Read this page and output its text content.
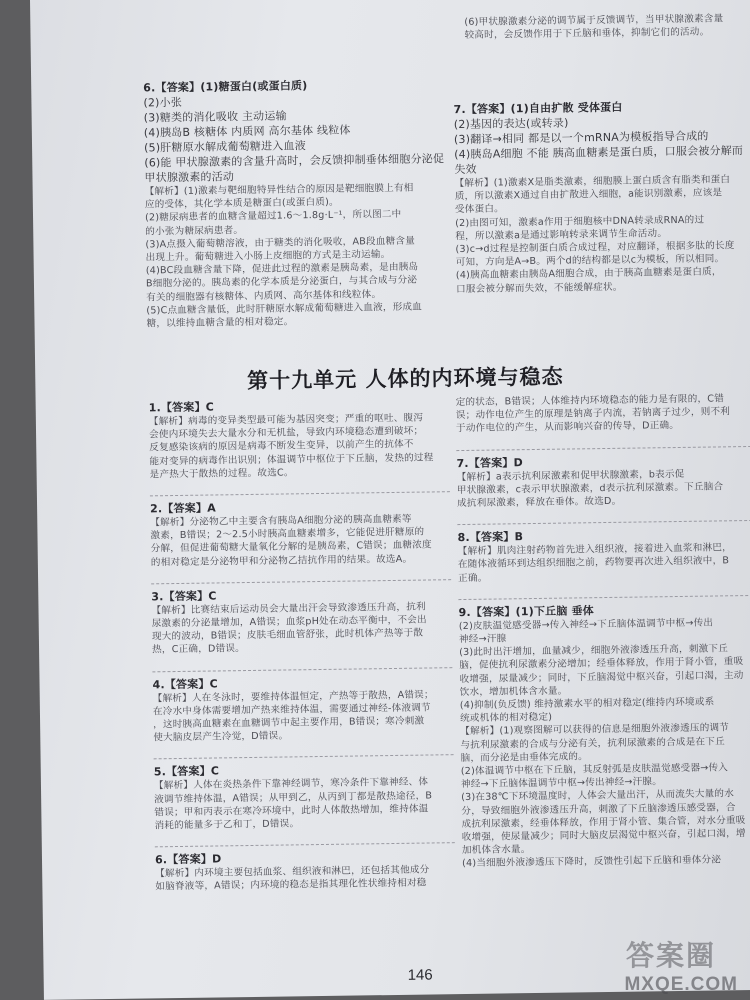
(6)甲状腺激素分泌的调节属于反馈调节，当甲状腺激素含量

较高时，会反馈作用于下丘脑和垂体，抑制它们的活动。

6.【答案】(1)糖蛋白(或蛋白质)

(2)小张

(3)糖类的消化吸收 主动运输

(4)胰岛B 核糖体 内质网 高尔基体 线粒体

(5)肝糖原水解成葡萄糖进入血液

(6)能 甲状腺激素的含量升高时，会反馈抑制垂体细胞分泌促

甲状腺激素的活动

【解析】(1)激素与靶细胞特异性结合的原因是靶细胞膜上有相

应的受体，其化学本质是糖蛋白(或蛋白质)。

(2)糖尿病患者的血糖含量超过1.6～1.8g·L⁻¹，所以图二中

的小张为糖尿病患者。

(3)A点摄入葡萄糖溶液，由于糖类的消化吸收，AB段血糖含量

出现上升。葡萄糖进入小肠上皮细胞的方式是主动运输。

(4)BC段血糖含量下降，促进此过程的激素是胰岛素，是由胰岛

B细胞分泌的。胰岛素的化学本质是分泌蛋白，与其合成与分泌

有关的细胞器有核糖体、内质网、高尔基体和线粒体。

(5)C点血糖含量低，此时肝糖原水解成葡萄糖进入血液，形成血

糖，以维持血糖含量的相对稳定。

7.【答案】(1)自由扩散 受体蛋白

(2)基因的表达(或转录)

(3)翻译→相同 都是以一个mRNA为模板指导合成的

(4)胰岛A细胞 不能 胰高血糖素是蛋白质，口服会被分解而

失效

【解析】(1)激素X是脂类激素，细胞膜上蛋白质含有脂类和蛋白

质，所以激素X通过自由扩散进入细胞，a能识别激素，应该是

受体蛋白。

(2)由图可知，激素a作用于细胞核中DNA转录成RNA的过

程，所以激素a是通过影响转录来调节生命活动。

(3)c→d过程是控制蛋白质合成过程，对应翻译，根据多肽的长度

可知，方向是A→B。两个d的结构都是以c为模板，所以相同。

(4)胰高血糖素由胰岛A细胞合成，由于胰高血糖素是蛋白质，

口服会被分解而失效，不能缓解症状。

第十九单元 人体的内环境与稳态

1.【答案】C

【解析】病毒的变异类型最可能为基因突变；严重的呕吐、腹泻

会使内环境失去大量水分和无机盐，导致内环境稳态遭到破坏；

反复感染该病的原因是病毒不断发生变异，以前产生的抗体不

能对变异的病毒作出识别；体温调节中枢位于下丘脑，发热的过程

是产热大于散热的过程。故选C。

2.【答案】A

【解析】分泌物乙中主要含有胰岛A细胞分泌的胰高血糖素等

激素，B错误；2～2.5小时胰高血糖素增多，它能促进肝糖原的

分解，但促进葡萄糖大量氧化分解的是胰岛素，C错误；血糖浓度

的相对稳定是分泌物甲和分泌物乙拮抗作用的结果。故选A。

3.【答案】C

【解析】比赛结束后运动员会大量出汗会导致渗透压升高，抗利

尿激素的分泌量增加，A错误；血浆pH处在动态平衡中，不会出

现大的波动，B错误；皮肤毛细血管舒张，此时机体产热等于散

热，C正确，D错误。

4.【答案】C

【解析】人在冬泳时，要维持体温恒定，产热等于散热，A错误；

在冷水中身体需要增加产热来维持体温，需要通过神经-体液调节

，这时胰高血糖素在血糖调节中起主要作用，B错误；寒冷刺激

使大脑皮层产生冷觉，D错误。

5.【答案】C

【解析】人体在炎热条件下靠神经调节，寒冷条件下靠神经、体

液调节维持体温，A错误；从甲到乙，从丙到丁都是散热途径，B

错误；甲和丙表示在寒冷环境中，此时人体散热增加，维持体温

消耗的能量多于乙和丁，D错误。

6.【答案】D

【解析】内环境主要包括血浆、组织液和淋巴，还包括其他成分

如脑脊液等，A错误；内环境的稳态是指其理化性状维持相对稳

定的状态，B错误；人体维持内环境稳态的能力是有限的，C错

误；动作电位产生的原理是钠离子内流，若钠离子过少，则不利

于动作电位的产生，从而影响兴奋的传导，D正确。

7.【答案】D

【解析】a表示抗利尿激素和促甲状腺激素，b表示促

甲状腺激素，c表示甲状腺激素，d表示抗利尿激素。下丘脑合

成抗利尿激素，释放在垂体。故选D。

8.【答案】B

【解析】肌肉注射药物首先进入组织液，接着进入血浆和淋巴，

在随体液循环到达组织细胞之前，药物要再次进入组织液中，B

正确。

9.【答案】(1)下丘脑 垂体

(2)皮肤温觉感受器→传入神经→下丘脑体温调节中枢→传出

神经→汗腺

(3)此时出汗增加，血量减少，细胞外液渗透压升高，刺激下丘

脑，促使抗利尿激素分泌增加；经垂体释放，作用于肾小管，重吸

收增强，尿量减少；同时，下丘脑渴觉中枢兴奋，引起口渴，主动

饮水，增加机体含水量。

(4)抑制(负反馈) 维持激素水平的相对稳定(维持内环境或系

统或机体的相对稳定)

【解析】(1)观察图解可以获得的信息是细胞外液渗透压的调节

与抗利尿激素的合成与分泌有关，抗利尿激素的合成是在下丘

脑，而分泌是由垂体完成的。

(2)体温调节中枢在下丘脑，其反射弧是皮肤温觉感受器→传入

神经→下丘脑体温调节中枢→传出神经→汗腺。

(3)在38℃下环境温度时，人体会大量出汗，从而流失大量的水

分，导致细胞外液渗透压升高，刺激了下丘脑渗透压感受器，合

成抗利尿激素，经垂体释放，作用于肾小管、集合管，对水分重吸

收增强，使尿量减少；同时大脑皮层渴觉中枢兴奋，引起口渴，增

加机体含水量。

(4)当细胞外液渗透压下降时，反馈性引起下丘脑和垂体分泌

146
答案圈
MXQE.COM
